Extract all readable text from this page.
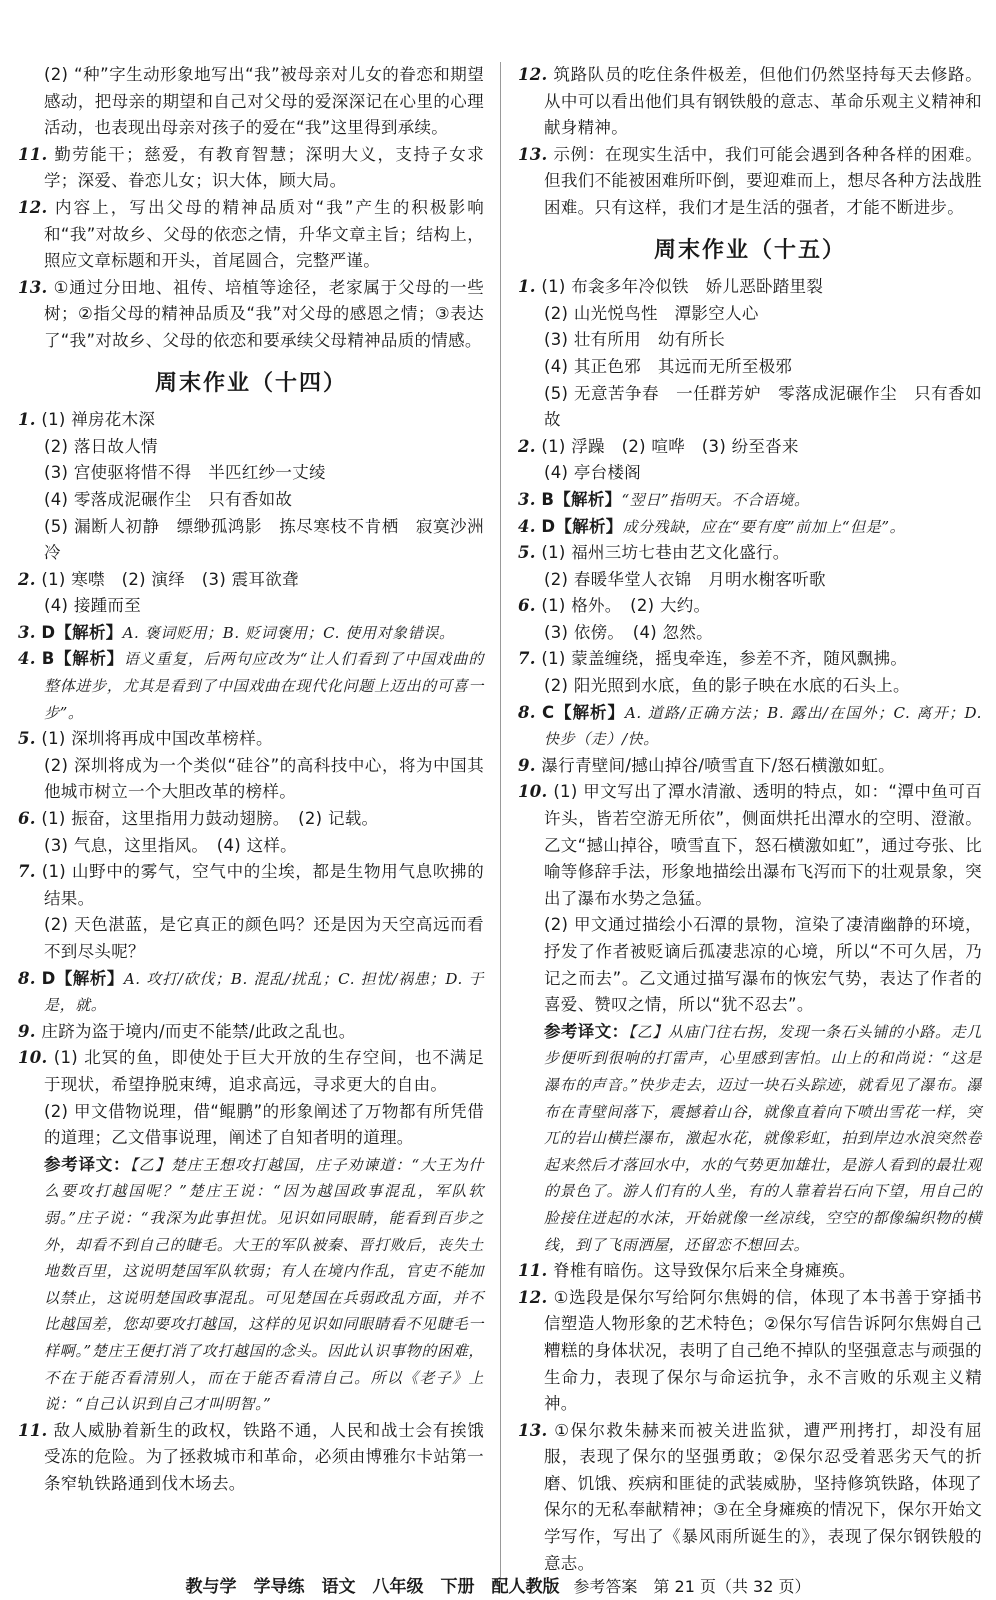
(2) “种”字生动形象地写出“我”被母亲对儿女的眷恋和期望感动，把母亲的期望和自己对父母的爱深深记在心里的心理活动，也表现出母亲对孩子的爱在“我”这里得到承续。

11. 勤劳能干；慈爱，有教育智慧；深明大义，支持子女求学；深爱、眷恋儿女；识大体，顾大局。

12. 内容上，写出父母的精神品质对“我”产生的积极影响和“我”对故乡、父母的依恋之情，升华文章主旨；结构上，照应文章标题和开头，首尾圆合，完整严谨。

13. ①通过分田地、祖传、培植等途径，老家属于父母的一些树；②指父母的精神品质及“我”对父母的感恩之情；③表达了“我”对故乡、父母的依恋和要承续父母精神品质的情感。

周末作业（十四）

1. (1) 禅房花木深

(2) 落日故人情

(3) 宫使驱将惜不得　半匹红纱一丈绫

(4) 零落成泥碾作尘　只有香如故

(5) 漏断人初静　缥缈孤鸿影　拣尽寒枝不肯栖　寂寞沙洲冷

2. (1) 寒噤　(2) 演绎　(3) 震耳欲聋

(4) 接踵而至

3. D【解析】A. 褒词贬用；B. 贬词褒用；C. 使用对象错误。

4. B【解析】语义重复，后两句应改为“让人们看到了中国戏曲的整体进步，尤其是看到了中国戏曲在现代化问题上迈出的可喜一步”。

5. (1) 深圳将再成中国改革榜样。

(2) 深圳将成为一个类似“硅谷”的高科技中心，将为中国其他城市树立一个大胆改革的榜样。

6. (1) 振奋，这里指用力鼓动翅膀。　(2) 记载。

(3) 气息，这里指风。　(4) 这样。

7. (1) 山野中的雾气，空气中的尘埃，都是生物用气息吹拂的结果。

(2) 天色湛蓝，是它真正的颜色吗？还是因为天空高远而看不到尽头呢？

8. D【解析】A. 攻打/砍伐；B. 混乱/扰乱；C. 担忧/祸患；D. 于是，就。

9. 庄跻为盗于境内/而吏不能禁/此政之乱也。

10. (1) 北冥的鱼，即使处于巨大开放的生存空间，也不满足于现状，希望挣脱束缚，追求高远，寻求更大的自由。

(2) 甲文借物说理，借“鲲鹏”的形象阐述了万物都有所凭借的道理；乙文借事说理，阐述了自知者明的道理。

参考译文：【乙】楚庄王想攻打越国，庄子劝谏道：“大王为什么要攻打越国呢？”楚庄王说：“因为越国政事混乱，军队软弱。”庄子说：“我深为此事担忧。见识如同眼睛，能看到百步之外，却看不到自己的睫毛。大王的军队被秦、晋打败后，丧失土地数百里，这说明楚国军队软弱；有人在境内作乱，官吏不能加以禁止，这说明楚国政事混乱。可见楚国在兵弱政乱方面，并不比越国差，您却要攻打越国，这样的见识如同眼睛看不见睫毛一样啊。”楚庄王便打消了攻打越国的念头。因此认识事物的困难，不在于能否看清别人，而在于能否看清自己。所以《老子》上说：“自己认识到自己才叫明智。”

11. 敌人威胁着新生的政权，铁路不通，人民和战士会有挨饿受冻的危险。为了拯救城市和革命，必须由博雅尔卡站第一条窄轨铁路通到伐木场去。

12. 筑路队员的吃住条件极差，但他们仍然坚持每天去修路。从中可以看出他们具有钢铁般的意志、革命乐观主义精神和献身精神。

13. 示例：在现实生活中，我们可能会遇到各种各样的困难。但我们不能被困难所吓倒，要迎难而上，想尽各种方法战胜困难。只有这样，我们才是生活的强者，才能不断进步。

周末作业（十五）

1. (1) 布衾多年冷似铁　娇儿恶卧踏里裂

(2) 山光悦鸟性　潭影空人心

(3) 壮有所用　幼有所长

(4) 其正色邪　其远而无所至极邪

(5) 无意苦争春　一任群芳妒　零落成泥碾作尘　只有香如故

2. (1) 浮躁　(2) 喧哗　(3) 纷至沓来

(4) 亭台楼阁

3. B【解析】“翌日”指明天。不合语境。

4. D【解析】成分残缺，应在“要有度”前加上“但是”。

5. (1) 福州三坊七巷由艺文化盛行。

(2) 春暖华堂人衣锦　月明水榭客听歌

6. (1) 格外。　(2) 大约。

(3) 依傍。　(4) 忽然。

7. (1) 蒙盖缠绕，摇曳牵连，参差不齐，随风飘拂。

(2) 阳光照到水底，鱼的影子映在水底的石头上。

8. C【解析】A. 道路/正确方法；B. 露出/在国外；C. 离开；D. 快步（走）/快。

9. 瀑行青壁间/撼山掉谷/喷雪直下/怒石横激如虹。

10. (1) 甲文写出了潭水清澈、透明的特点，如：“潭中鱼可百许头，皆若空游无所依”，侧面烘托出潭水的空明、澄澈。乙文“撼山掉谷，喷雪直下，怒石横激如虹”，通过夸张、比喻等修辞手法，形象地描绘出瀑布飞泻而下的壮观景象，突出了瀑布水势之急猛。

(2) 甲文通过描绘小石潭的景物，渲染了凄清幽静的环境，抒发了作者被贬谪后孤凄悲凉的心境，所以“不可久居，乃记之而去”。乙文通过描写瀑布的恢宏气势，表达了作者的喜爱、赞叹之情，所以“犹不忍去”。

参考译文：【乙】从庙门往右拐，发现一条石头铺的小路。走几步便听到很响的打雷声，心里感到害怕。山上的和尚说：“这是瀑布的声音。”快步走去，迈过一块石头踪迹，就看见了瀑布。瀑布在青壁间落下，震撼着山谷，就像直着向下喷出雪花一样，突兀的岩山横拦瀑布，激起水花，就像彩虹，拍到岸边水浪突然卷起来然后才落回水中，水的气势更加雄壮，是游人看到的最壮观的景色了。游人们有的人坐，有的人靠着岩石向下望，用自己的脸接住迸起的水沫，开始就像一丝凉线，空空的都像编织物的横线，到了飞雨洒屋，还留恋不想回去。

11. 脊椎有暗伤。这导致保尔后来全身瘫痪。

12. ①选段是保尔写给阿尔焦姆的信，体现了本书善于穿插书信塑造人物形象的艺术特色；②保尔写信告诉阿尔焦姆自己糟糕的身体状况，表明了自己绝不掉队的坚强意志与顽强的生命力，表现了保尔与命运抗争，永不言败的乐观主义精神。

13. ①保尔救朱赫来而被关进监狱，遭严刑拷打，却没有屈服，表现了保尔的坚强勇敢；②保尔忍受着恶劣天气的折磨、饥饿、疾病和匪徒的武装威胁，坚持修筑铁路，体现了保尔的无私奉献精神；③在全身瘫痪的情况下，保尔开始文学写作，写出了《暴风雨所诞生的》，表现了保尔钢铁般的意志。

教与学　学导练　语文　八年级　下册　配人教版 参考答案　第 21 页（共 32 页）
